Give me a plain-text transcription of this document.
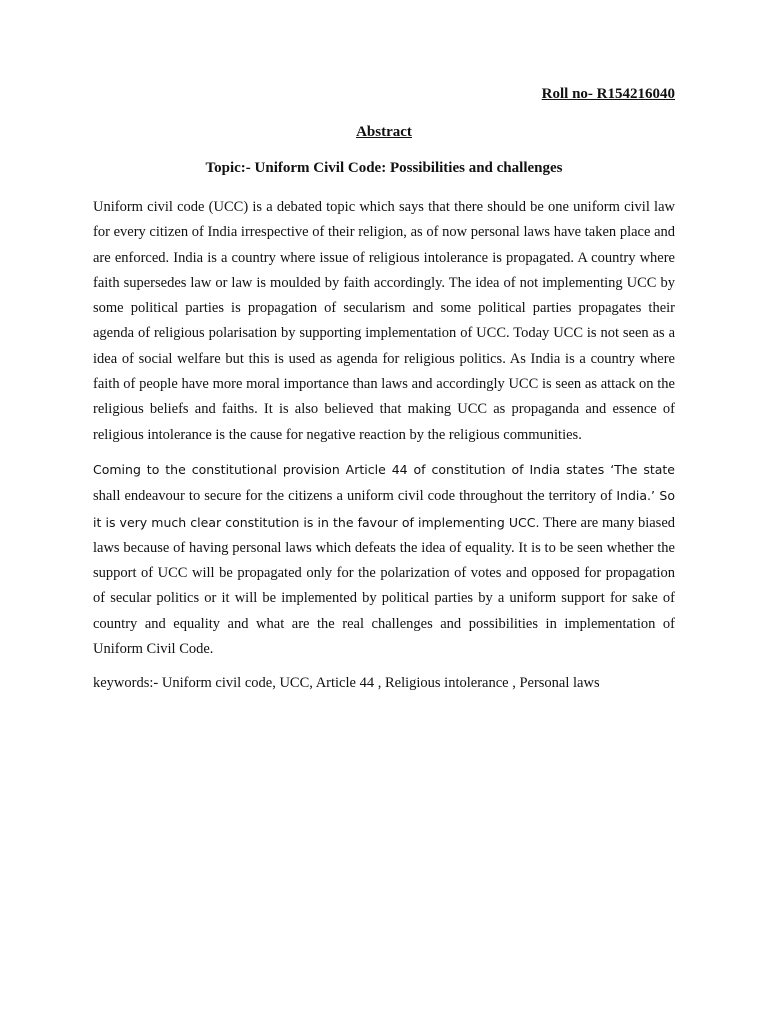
Roll no- R154216040
Abstract
Topic:- Uniform Civil Code: Possibilities and challenges

Uniform civil code (UCC) is a debated topic which says that there should be one uniform civil law for every citizen of India irrespective of their religion, as of now personal laws have taken place and are enforced. India is a country where issue of religious intolerance is propagated. A country where faith supersedes law or law is moulded by faith accordingly. The idea of not implementing UCC by some political parties is propagation of secularism and some political parties propagates their agenda of religious polarisation by supporting implementation of UCC. Today UCC is not seen as a idea of social welfare but this is used as agenda for religious politics. As India is a country where faith of people have more moral importance than laws and accordingly UCC is seen as attack on the religious beliefs and faiths. It is also believed that making UCC as propaganda and essence of religious intolerance is the cause for negative reaction by the religious communities.

Coming to the constitutional provision Article 44 of constitution of India states ‘The state shall endeavour to secure for the citizens a uniform civil code throughout the territory of India.’ So it is very much clear constitution is in the favour of implementing UCC. There are many biased laws because of having personal laws which defeats the idea of equality. It is to be seen whether the support of UCC will be propagated only for the polarization of votes and opposed for propagation of secular politics or it will be implemented by political parties by a uniform support for sake of country and equality and what are the real challenges and possibilities in implementation of Uniform Civil Code.

keywords:- Uniform civil code, UCC, Article 44 , Religious intolerance , Personal laws
